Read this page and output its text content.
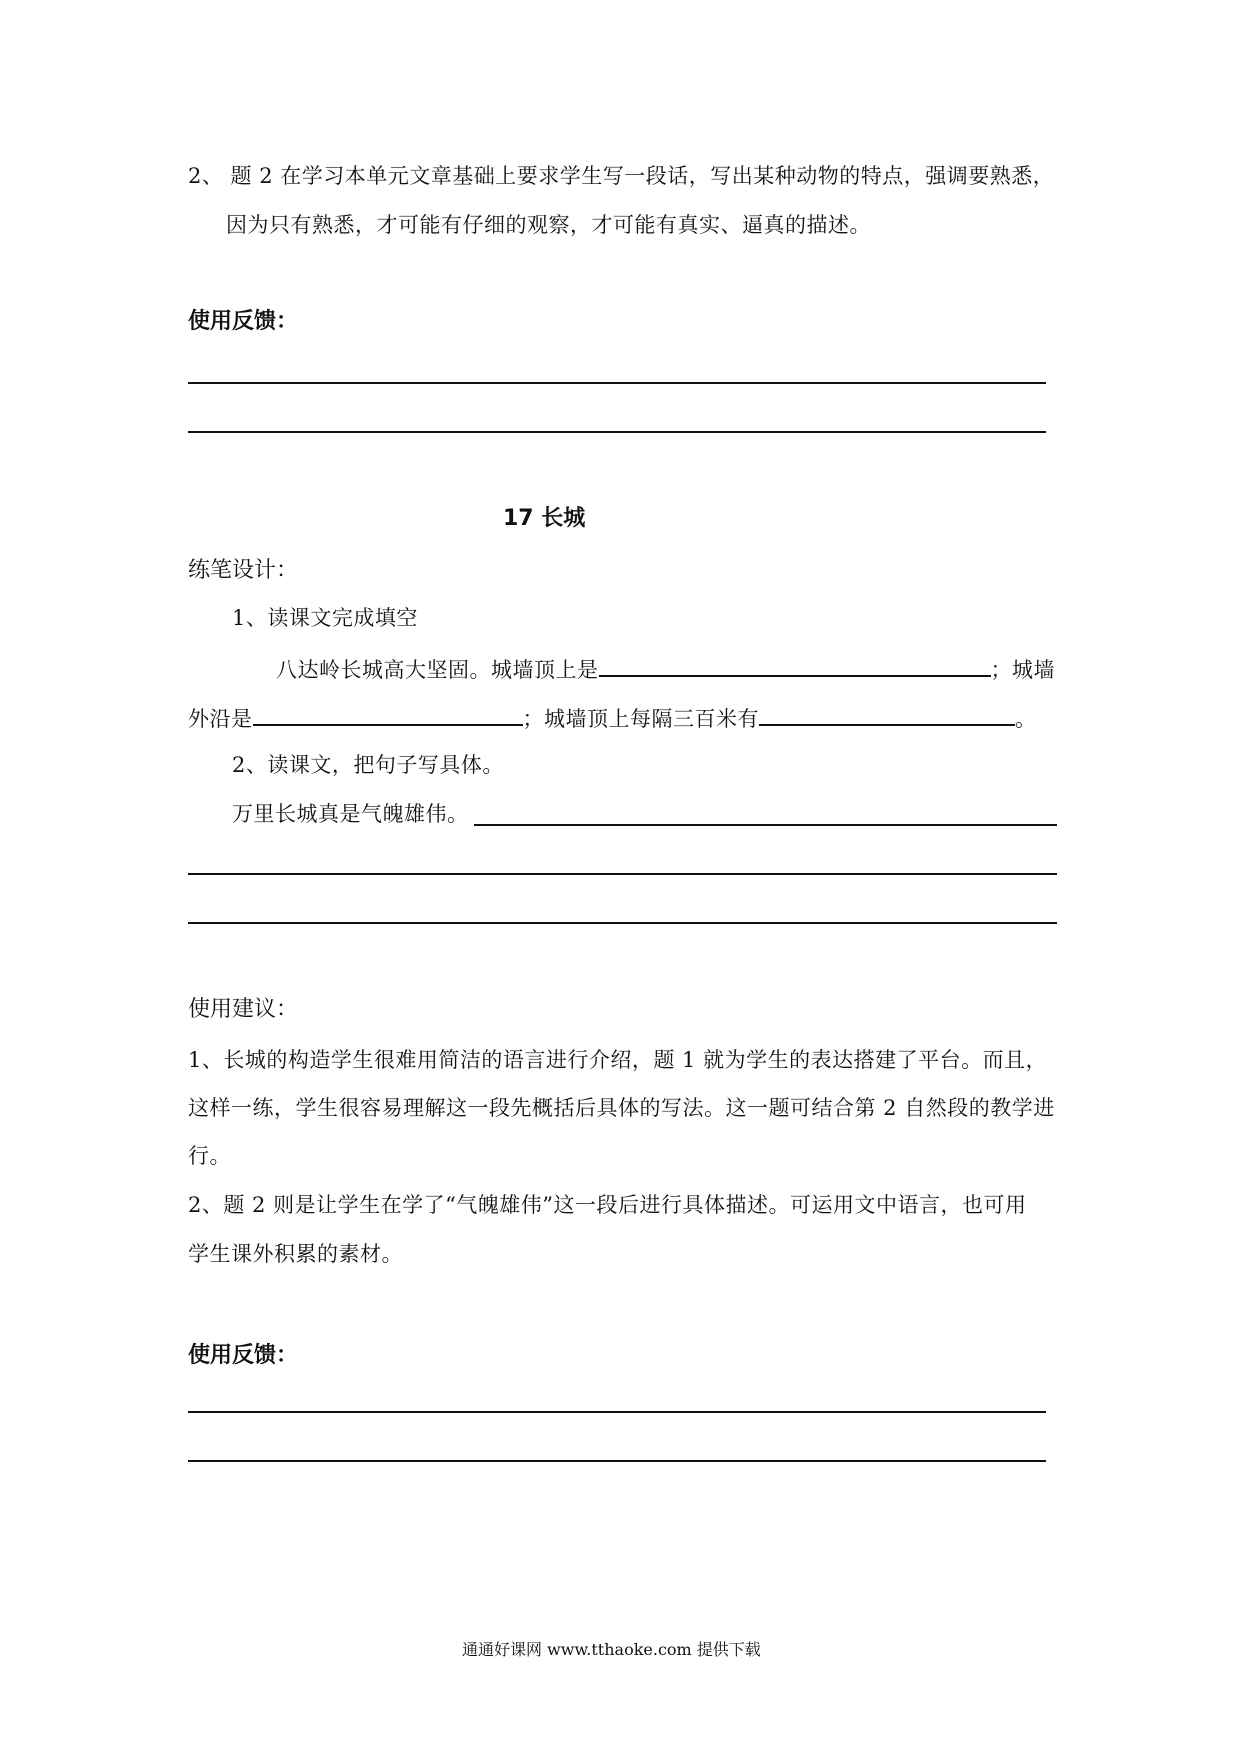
2、 题 2 在学习本单元文章基础上要求学生写一段话，写出某种动物的特点，强调要熟悉，
因为只有熟悉，才可能有仔细的观察，才可能有真实、逼真的描述。
使用反馈：
17 长城
练笔设计：
1、读课文完成填空
八达岭长城高大坚固。城墙顶上是	；城墙
外沿是	；城墙顶上每隔三百米有	。
2、读课文，把句子写具体。
万里长城真是气魄雄伟。
使用建议：
1、长城的构造学生很难用简洁的语言进行介绍，题 1 就为学生的表达搭建了平台。而且，
这样一练，学生很容易理解这一段先概括后具体的写法。这一题可结合第 2 自然段的教学进
行。
2、题 2 则是让学生在学了“气魄雄伟”这一段后进行具体描述。可运用文中语言，也可用
学生课外积累的素材。
使用反馈：
通通好课网 www.tthaoke.com 提供下载
